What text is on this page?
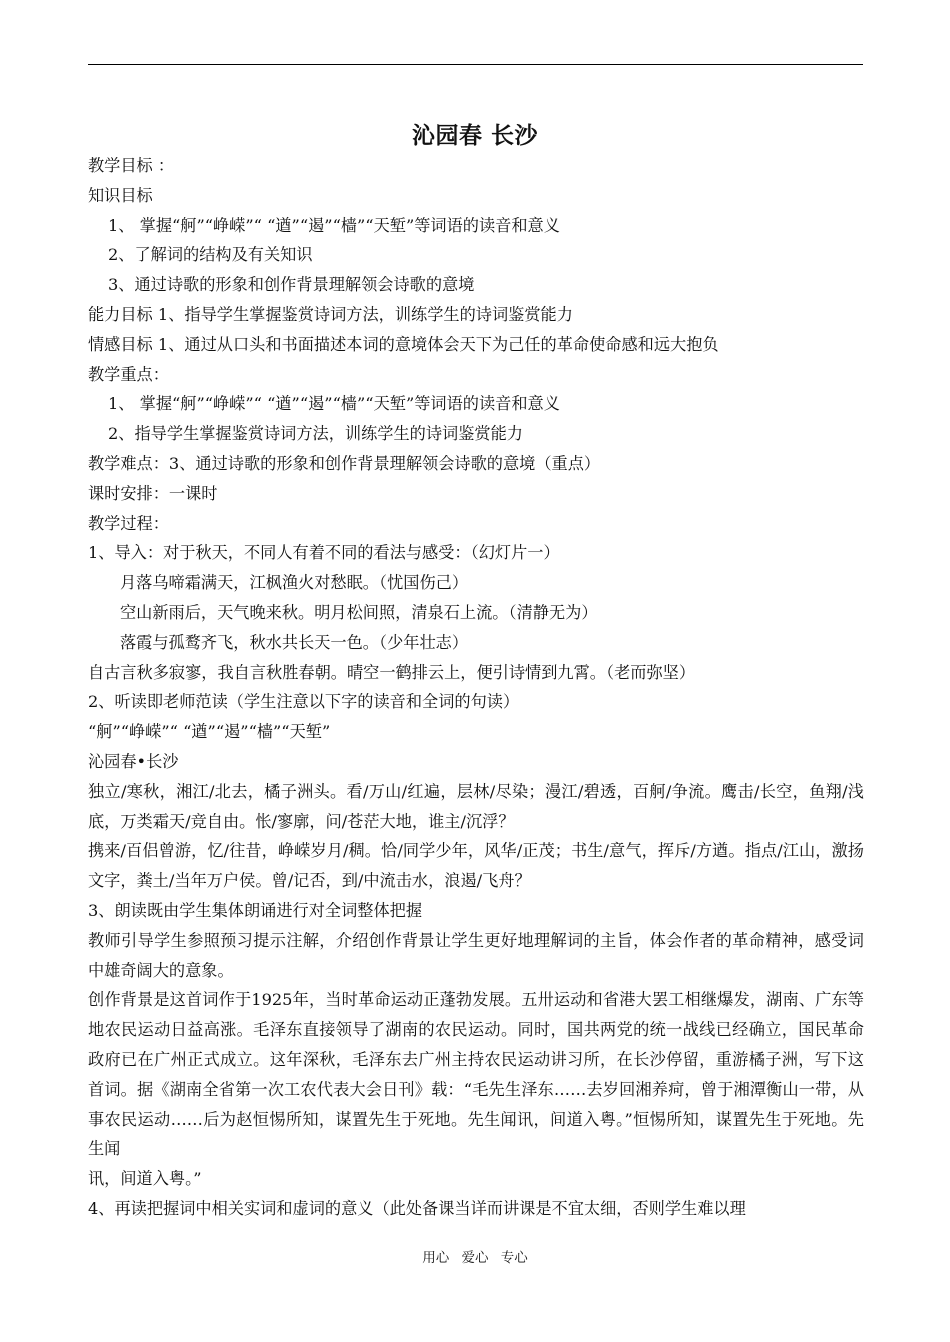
沁园春 长沙
教学目标 ：
知识目标
1、 掌握“舸”“峥嵘”“ “遒”“遏”“樯”“天堑”等词语的读音和意义
2、了解词的结构及有关知识
3、通过诗歌的形象和创作背景理解领会诗歌的意境
能力目标 1、指导学生掌握鉴赏诗词方法，训练学生的诗词鉴赏能力
情感目标 1、通过从口头和书面描述本词的意境体会天下为己任的革命使命感和远大抱负
教学重点：
1、 掌握“舸”“峥嵘”“ “遒”“遏”“樯”“天堑”等词语的读音和意义
2、指导学生掌握鉴赏诗词方法，训练学生的诗词鉴赏能力
教学难点：3、通过诗歌的形象和创作背景理解领会诗歌的意境（重点）
课时安排：一课时
教学过程：
1、导入：对于秋天，不同人有着不同的看法与感受：（幻灯片一）
月落乌啼霜满天，江枫渔火对愁眠。（忧国伤己）
空山新雨后，天气晚来秋。明月松间照，清泉石上流。（清静无为）
落霞与孤鹜齐飞，秋水共长天一色。（少年壮志）
自古言秋多寂寥，我自言秋胜春朝。晴空一鹤排云上，便引诗情到九霄。（老而弥坚）
2、听读即老师范读（学生注意以下字的读音和全词的句读）
“舸”“峥嵘”“ “遒”“遏”“樯”“天堑”
沁园春•长沙
独立/寒秋，湘江/北去，橘子洲头。看/万山/红遍，层林/尽染；漫江/碧透，百舸/争流。鹰击/长空，鱼翔/浅底，万类霜天/竞自由。怅/寥廓，问/苍茫大地，谁主/沉浮？
携来/百侣曾游，忆/往昔，峥嵘岁月/稠。恰/同学少年，风华/正茂；书生/意气，挥斥/方遒。指点/江山，激扬文字，粪土/当年万户侯。曾/记否，到/中流击水，浪遏/飞舟？
3、朗读既由学生集体朗诵进行对全词整体把握
教师引导学生参照预习提示注解，介绍创作背景让学生更好地理解词的主旨，体会作者的革命精神，感受词中雄奇阔大的意象。
创作背景是这首词作于1925年，当时革命运动正蓬勃发展。五卅运动和省港大罢工相继爆发，湖南、广东等地农民运动日益高涨。毛泽东直接领导了湖南的农民运动。同时，国共两党的统一战线已经确立，国民革命政府已在广州正式成立。这年深秋，毛泽东去广州主持农民运动讲习所，在长沙停留，重游橘子洲，写下这首词。据《湖南全省第一次工农代表大会日刊》载：“毛先生泽东……去岁回湘养疴，曾于湘潭衡山一带，从事农民运动……后为赵恒惕所知，谋置先生于死地。先生闻讯，间道入粤。”恒惕所知，谋置先生于死地。先生闻
讯，间道入粤。”
4、再读把握词中相关实词和虚词的意义（此处备课当详而讲课是不宜太细，否则学生难以理
用心 爱心 专心
